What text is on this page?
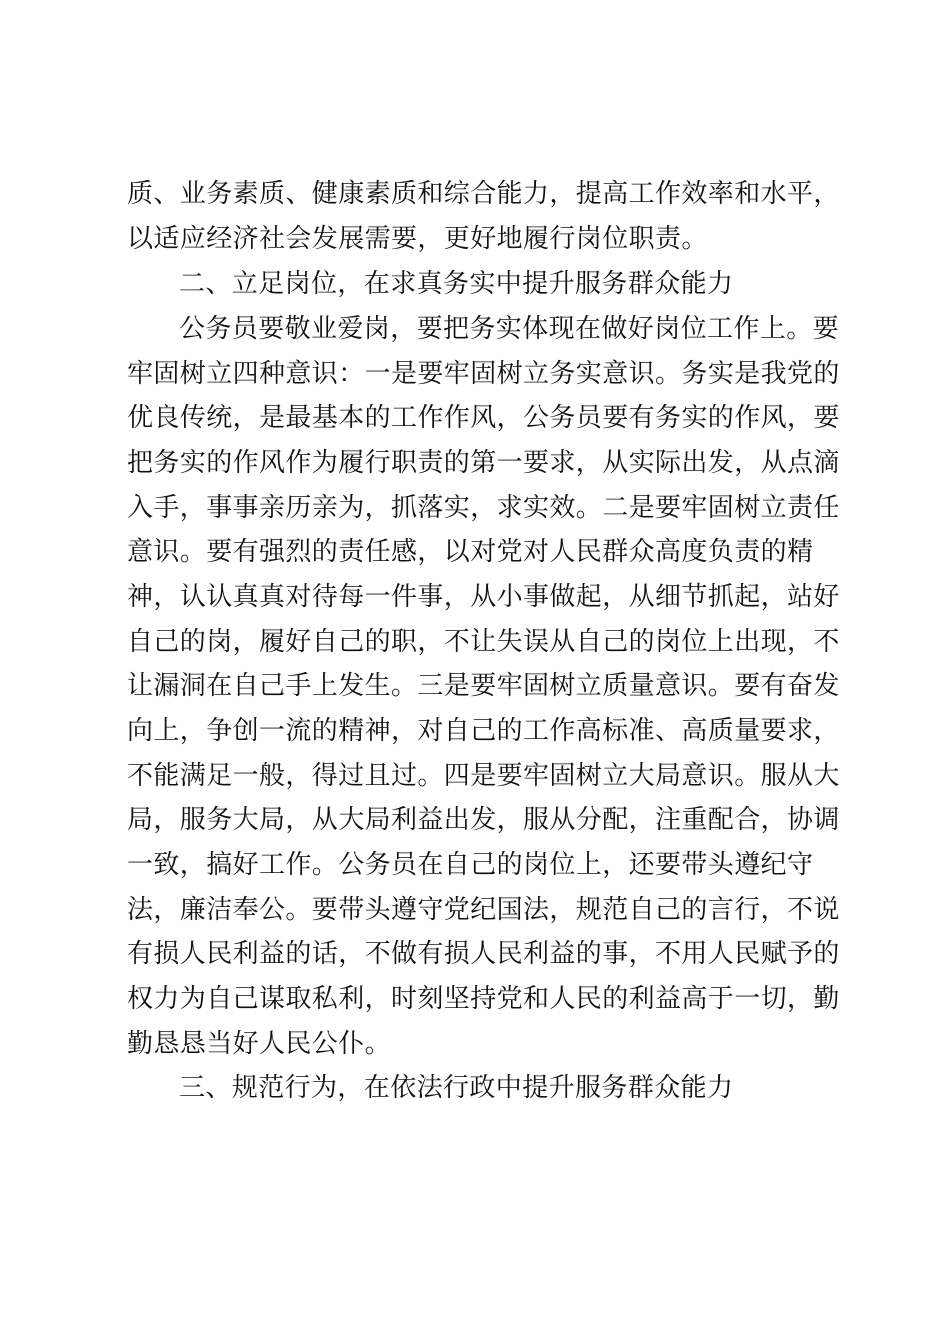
质、业务素质、健康素质和综合能力，提高工作效率和水平，
以适应经济社会发展需要，更好地履行岗位职责。
二、立足岗位，在求真务实中提升服务群众能力
公务员要敬业爱岗，要把务实体现在做好岗位工作上。要
牢固树立四种意识：一是要牢固树立务实意识。务实是我党的
优良传统，是最基本的工作作风，公务员要有务实的作风，要
把务实的作风作为履行职责的第一要求，从实际出发，从点滴
入手，事事亲历亲为，抓落实，求实效。二是要牢固树立责任
意识。要有强烈的责任感，以对党对人民群众高度负责的精
神，认认真真对待每一件事，从小事做起，从细节抓起，站好
自己的岗，履好自己的职，不让失误从自己的岗位上出现，不
让漏洞在自己手上发生。三是要牢固树立质量意识。要有奋发
向上，争创一流的精神，对自己的工作高标准、高质量要求，
不能满足一般，得过且过。四是要牢固树立大局意识。服从大
局，服务大局，从大局利益出发，服从分配，注重配合，协调
一致，搞好工作。公务员在自己的岗位上，还要带头遵纪守
法，廉洁奉公。要带头遵守党纪国法，规范自己的言行，不说
有损人民利益的话，不做有损人民利益的事，不用人民赋予的
权力为自己谋取私利，时刻坚持党和人民的利益高于一切，勤
勤恳恳当好人民公仆。
三、规范行为，在依法行政中提升服务群众能力
